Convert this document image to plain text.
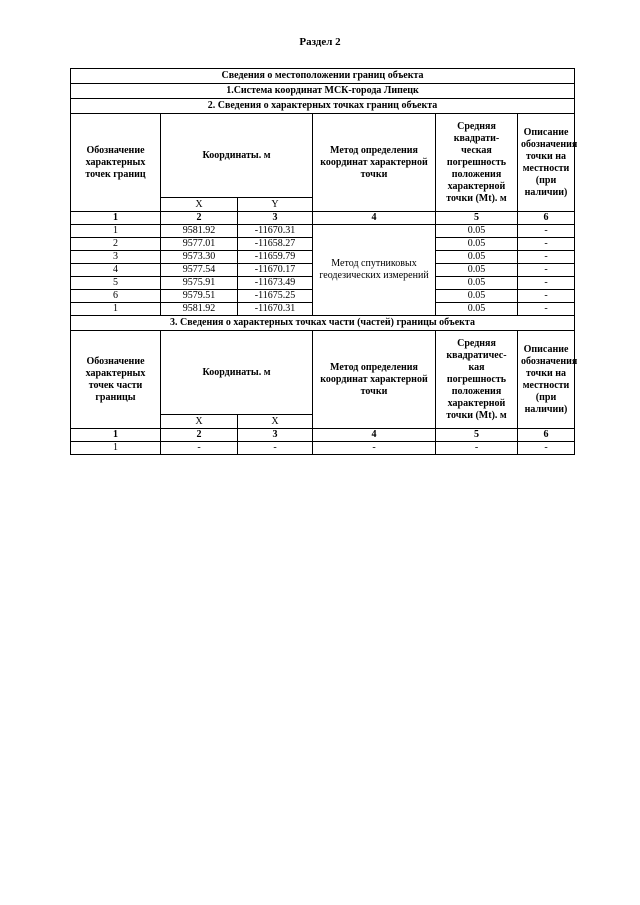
Раздел 2
Сведения о местоположении границ объекта					
1.Система координат МСК-города Липецк					
2. Сведения о характерных точках границ объекта					
Обозначение характерных точек границ	Координаты. м		Метод определения координат характерной точки	Средняя квадрати-ческая погрешность положения характерной точки (Mt). м	Описание обозначения точки на местности (при наличии)
	X	Y			
1	2	3	4	5	6
1	9581.92	-11670.31	Метод спутниковых геодезических измерений	0.05	-
2	9577.01	-11658.27		0.05	-
3	9573.30	-11659.79		0.05	-
4	9577.54	-11670.17		0.05	-
5	9575.91	-11673.49		0.05	-
6	9579.51	-11675.25		0.05	-
1	9581.92	-11670.31		0.05	-
3. Сведения о характерных точках части (частей) границы объекта					
Обозначение характерных точек части границы	Координаты. м		Метод определения координат характерной точки	Средняя квадратичес-кая погрешность положения характерной точки (Mt). м	Описание обозначения точки на местности (при наличии)
	X	X			
1	2	3	4	5	6
1	-	-	-	-	-
